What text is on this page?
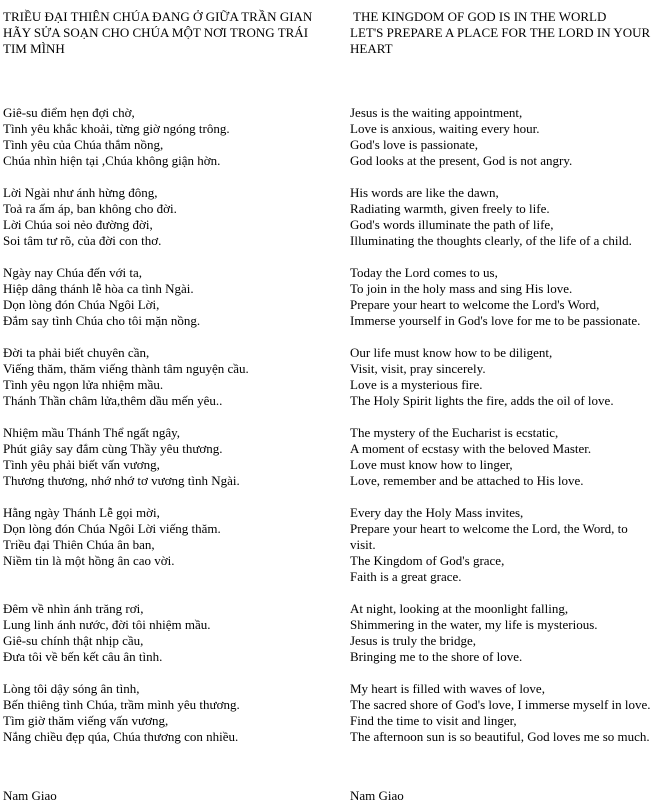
TRIỀU ĐẠI THIÊN CHÚA ĐANG Ở GIỮA TRẦN GIAN
HÃY SỬA SOẠN CHO CHÚA MỘT NƠI TRONG TRÁI
TIM MÌNH
Giê-su điểm hẹn đợi chờ,
Tình yêu khắc khoải, từng giờ ngóng trông.
Tình yêu của Chúa thắm nồng,
Chúa nhìn hiện tại ,Chúa không giận hờn.
Lời Ngài như ánh hừng đông,
Toả ra ấm áp, ban không cho đời.
Lời Chúa soi nẻo đường đời,
Soi tâm tư rõ, của đời con thơ.
Ngày nay Chúa đến với ta,
Hiệp dâng thánh lễ hòa ca tình Ngài.
Dọn lòng đón Chúa Ngôi Lời,
Đắm say tình Chúa cho tôi mặn nồng.
Đời ta phải biết chuyên cần,
Viếng thăm, thăm viếng thành tâm nguyện cầu.
Tình yêu ngọn lửa nhiệm mầu.
Thánh Thần châm lửa,thêm dầu mến yêu..
Nhiệm mầu Thánh Thể ngất ngây,
Phút giây say đắm cùng Thầy yêu thương.
Tình yêu phải biết vấn vương,
Thương thương, nhớ nhớ tơ vương tình Ngài.
Hằng ngày Thánh Lễ gọi mời,
Dọn lòng đón Chúa Ngôi Lời viếng thăm.
Triều đại Thiên Chúa ân ban,
Niềm tin là một hồng ân cao vời.
Đêm về nhìn ánh trăng rơi,
Lung linh ánh nước, đời tôi nhiệm mầu.
Giê-su chính thật nhịp cầu,
Đưa tôi về bến kết câu ân tình.
Lòng tôi dậy sóng ân tình,
Bến thiêng tình Chúa, trầm mình yêu thương.
Tìm giờ thăm viếng vấn vương,
Nắng chiều đẹp qúa, Chúa thương con nhiều.
THE KINGDOM OF GOD IS IN THE WORLD
LET'S PREPARE A PLACE FOR THE LORD IN YOUR
HEART
Jesus is the waiting appointment,
Love is anxious, waiting every hour.
God's love is passionate,
God looks at the present, God is not angry.
His words are like the dawn,
Radiating warmth, given freely to life.
God's words illuminate the path of life,
Illuminating the thoughts clearly, of the life of a child.
Today the Lord comes to us,
To join in the holy mass and sing His love.
Prepare your heart to welcome the Lord's Word,
Immerse yourself in God's love for me to be passionate.
Our life must know how to be diligent,
Visit, visit, pray sincerely.
Love is a mysterious fire.
The Holy Spirit lights the fire, adds the oil of love.
The mystery of the Eucharist is ecstatic,
A moment of ecstasy with the beloved Master.
Love must know how to linger,
Love, remember and be attached to His love.
Every day the Holy Mass invites,
Prepare your heart to welcome the Lord, the Word, to
visit.
The Kingdom of God's grace,
Faith is a great grace.
At night, looking at the moonlight falling,
Shimmering in the water, my life is mysterious.
Jesus is truly the bridge,
Bringing me to the shore of love.
My heart is filled with waves of love,
The sacred shore of God's love, I immerse myself in love.
Find the time to visit and linger,
The afternoon sun is so beautiful, God loves me so much.
Nam Giao	Nam Giao
